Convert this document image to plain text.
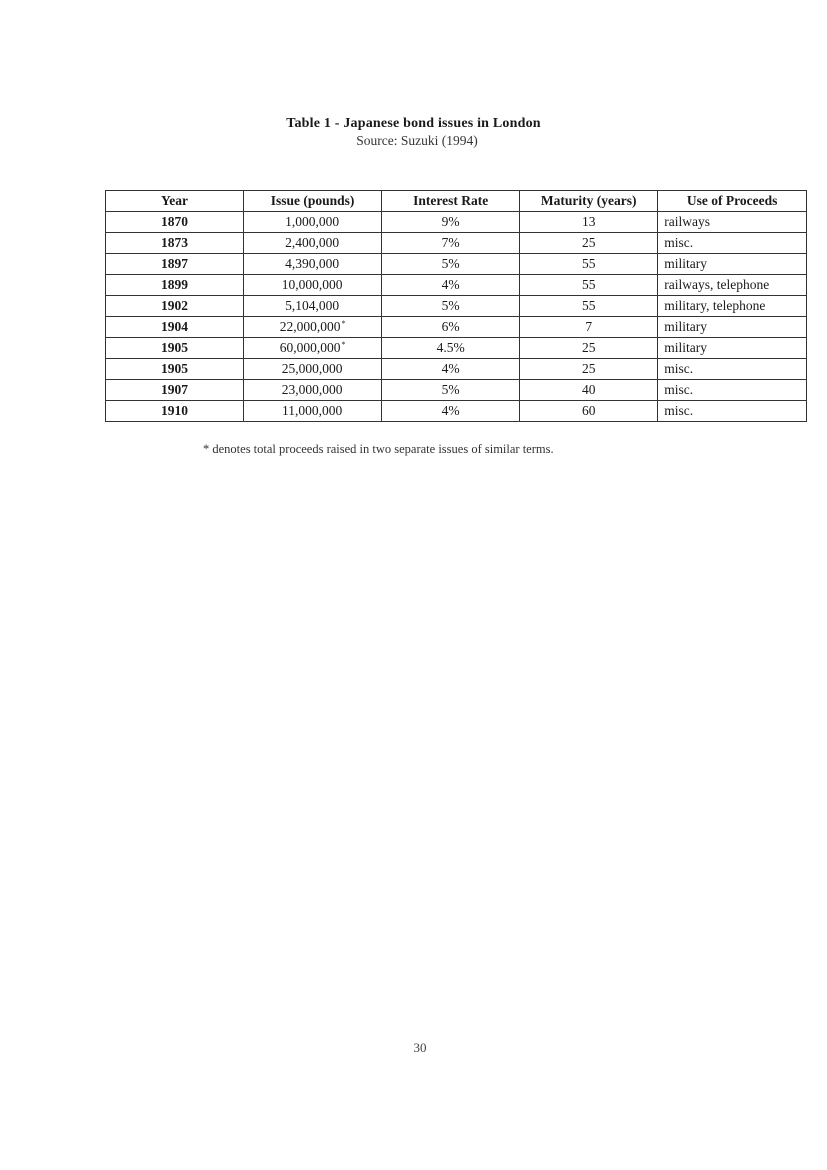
Table 1 - Japanese bond issues in London
Source: Suzuki (1994)
Year	Issue (pounds)	Interest Rate	Maturity (years)	Use of Proceeds
1870	1,000,000	9%	13	railways
1873	2,400,000	7%	25	misc.
1897	4,390,000	5%	55	military
1899	10,000,000	4%	55	railways, telephone
1902	5,104,000	5%	55	military, telephone
1904	22,000,000*	6%	7	military
1905	60,000,000*	4.5%	25	military
1905	25,000,000	4%	25	misc.
1907	23,000,000	5%	40	misc.
1910	11,000,000	4%	60	misc.
* denotes total proceeds raised in two separate issues of similar terms.
30
